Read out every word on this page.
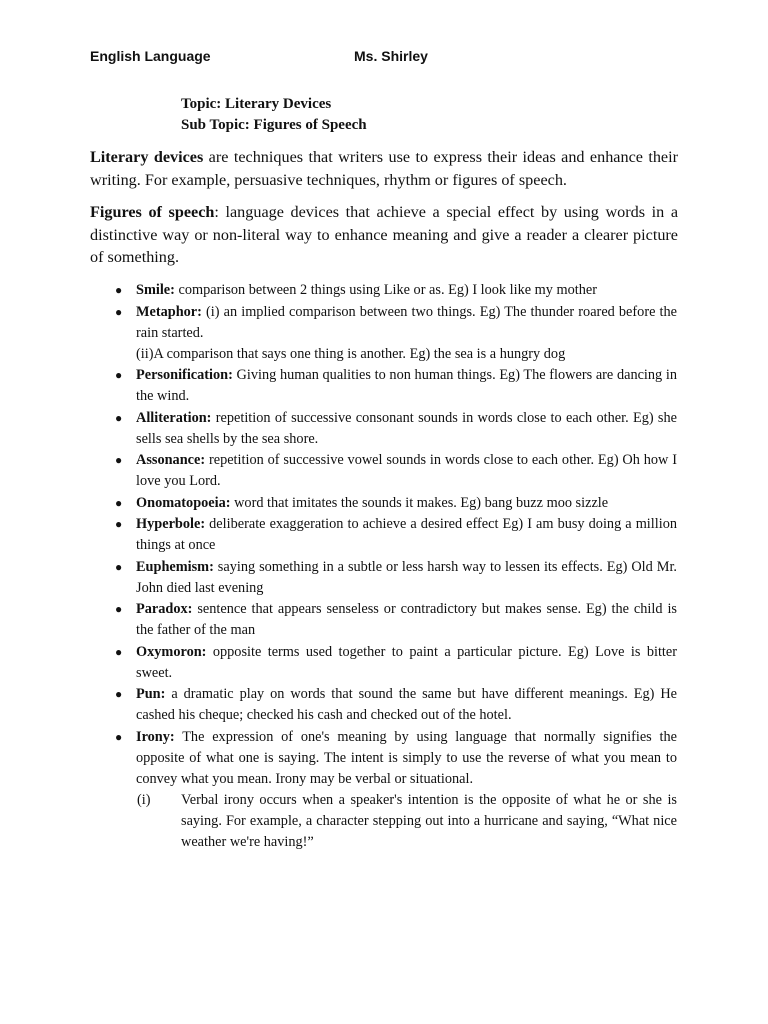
English Language	Ms. Shirley
Topic: Literary Devices
Sub Topic: Figures of Speech

Literary devices are techniques that writers use to express their ideas and enhance their writing. For example, persuasive techniques, rhythm or figures of speech.

Figures of speech: language devices that achieve a special effect by using words in a distinctive way or non-literal way to enhance meaning and give a reader a clearer picture of something.

● Smile: comparison between 2 things using Like or as. Eg) I look like my mother
● Metaphor: (i) an implied comparison between two things. Eg) The thunder roared before the rain started.
(ii)A comparison that says one thing is another. Eg) the sea is a hungry dog
● Personification: Giving human qualities to non human things. Eg) The flowers are dancing in the wind.
● Alliteration: repetition of successive consonant sounds in words close to each other. Eg) she sells sea shells by the sea shore.
● Assonance: repetition of successive vowel sounds in words close to each other. Eg) Oh how I love you Lord.
● Onomatopoeia: word that imitates the sounds it makes. Eg) bang buzz moo sizzle
● Hyperbole: deliberate exaggeration to achieve a desired effect Eg) I am busy doing a million things at once
● Euphemism: saying something in a subtle or less harsh way to lessen its effects. Eg) Old Mr. John died last evening
● Paradox: sentence that appears senseless or contradictory but makes sense. Eg) the child is the father of the man
● Oxymoron: opposite terms used together to paint a particular picture. Eg) Love is bitter sweet.
● Pun: a dramatic play on words that sound the same but have different meanings. Eg) He cashed his cheque; checked his cash and checked out of the hotel.
● Irony: The expression of one's meaning by using language that normally signifies the opposite of what one is saying. The intent is simply to use the reverse of what you mean to convey what you mean. Irony may be verbal or situational.
(i) Verbal irony occurs when a speaker's intention is the opposite of what he or she is saying. For example, a character stepping out into a hurricane and saying, “What nice weather we're having!”
